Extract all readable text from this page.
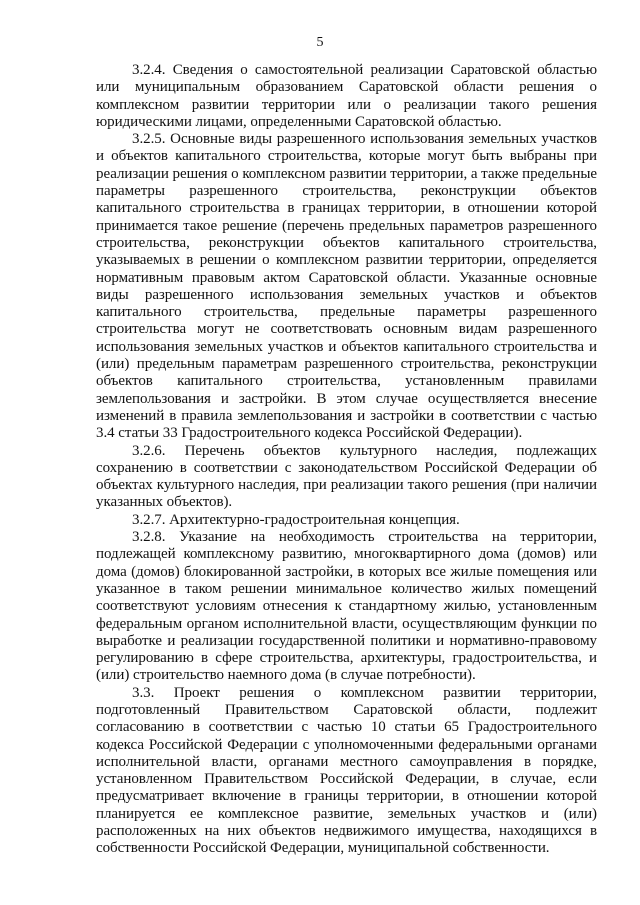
5

3.2.4. Сведения о самостоятельной реализации Саратовской областью или муниципальным образованием Саратовской области решения о комплексном развитии территории или о реализации такого решения юридическими лицами, определенными Саратовской областью.

3.2.5. Основные виды разрешенного использования земельных участков и объектов капитального строительства, которые могут быть выбраны при реализации решения о комплексном развитии территории, а также предельные параметры разрешенного строительства, реконструкции объектов капитального строительства в границах территории, в отношении которой принимается такое решение (перечень предельных параметров разрешенного строительства, реконструкции объектов капитального строительства, указываемых в решении о комплексном развитии территории, определяется нормативным правовым актом Саратовской области. Указанные основные виды разрешенного использования земельных участков и объектов капитального строительства, предельные параметры разрешенного строительства могут не соответствовать основным видам разрешенного использования земельных участков и объектов капитального строительства и (или) предельным параметрам разрешенного строительства, реконструкции объектов капитального строительства, установленным правилами землепользования и застройки. В этом случае осуществляется внесение изменений в правила землепользования и застройки в соответствии с частью 3.4 статьи 33 Градостроительного кодекса Российской Федерации).

3.2.6. Перечень объектов культурного наследия, подлежащих сохранению в соответствии с законодательством Российской Федерации об объектах культурного наследия, при реализации такого решения (при наличии указанных объектов).

3.2.7. Архитектурно-градостроительная концепция.

3.2.8. Указание на необходимость строительства на территории, подлежащей комплексному развитию, многоквартирного дома (домов) или дома (домов) блокированной застройки, в которых все жилые помещения или указанное в таком решении минимальное количество жилых помещений соответствуют условиям отнесения к стандартному жилью, установленным федеральным органом исполнительной власти, осуществляющим функции по выработке и реализации государственной политики и нормативно-правовому регулированию в сфере строительства, архитектуры, градостроительства, и (или) строительство наемного дома (в случае потребности).

3.3. Проект решения о комплексном развитии территории, подготовленный Правительством Саратовской области, подлежит согласованию в соответствии с частью 10 статьи 65 Градостроительного кодекса Российской Федерации с уполномоченными федеральными органами исполнительной власти, органами местного самоуправления в порядке, установленном Правительством Российской Федерации, в случае, если предусматривает включение в границы территории, в отношении которой планируется ее комплексное развитие, земельных участков и (или) расположенных на них объектов недвижимого имущества, находящихся в собственности Российской Федерации, муниципальной собственности.
